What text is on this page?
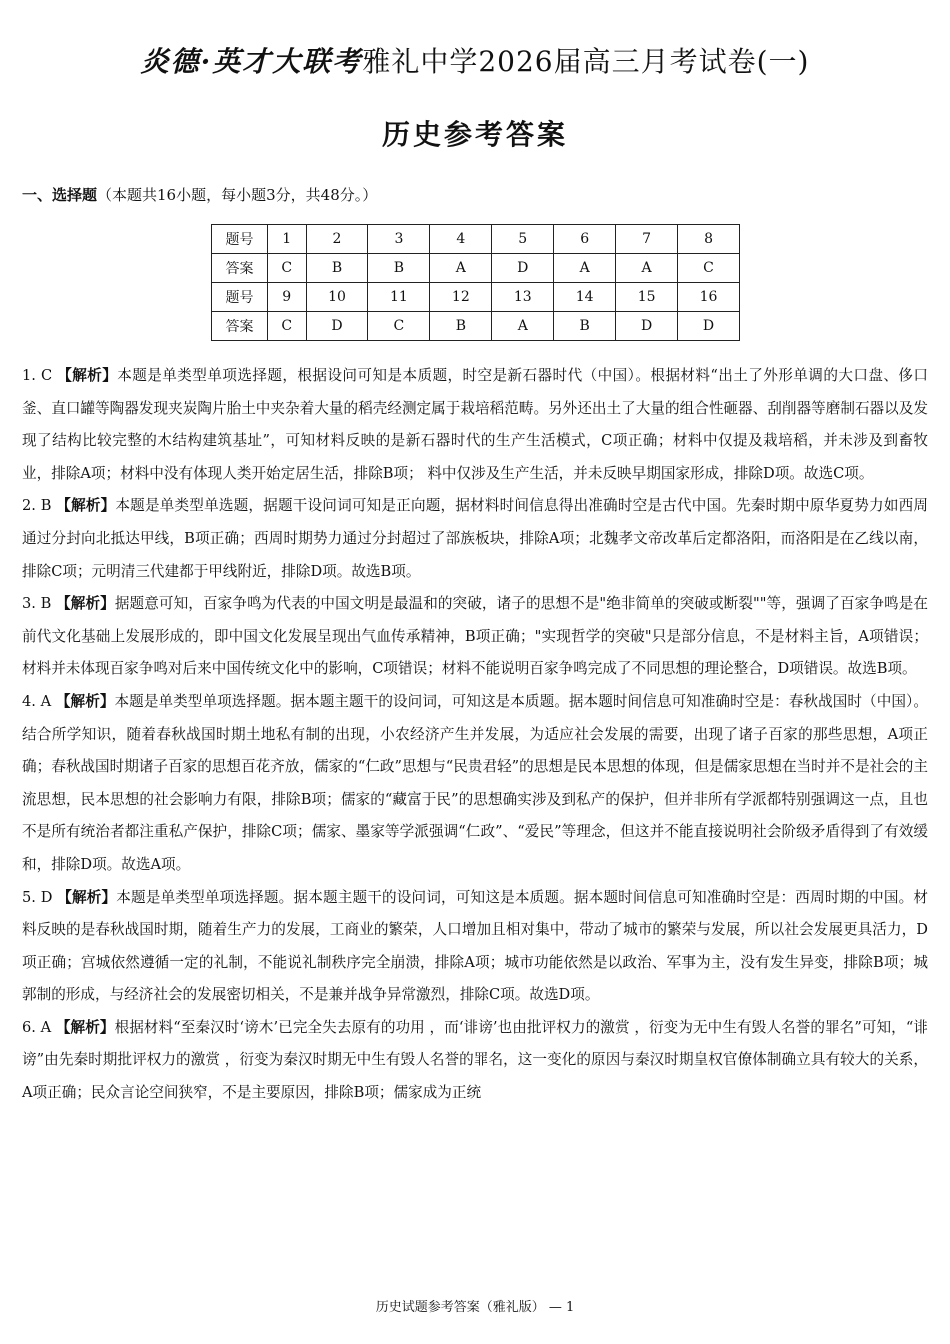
炎德·英才大联考雅礼中学2026届高三月考试卷(一)
历史参考答案
一、选择题（本题共16小题，每小题3分，共48分。）
题号	1	2	3	4	5	6	7	8
答案	C	B	B	A	D	A	A	C
题号	9	10	11	12	13	14	15	16
答案	C	D	C	B	A	B	D	D

1. C 【解析】本题是单类型单项选择题，根据设问可知是本质题，时空是新石器时代（中国）。根据材料“出土了外形单调的大口盘、侈口釜、直口罐等陶器发现夹炭陶片胎土中夹杂着大量的稻壳经测定属于栽培稻范畴。另外还出土了大量的组合性砸器、刮削器等磨制石器以及发现了结构比较完整的木结构建筑基址”，可知材料反映的是新石器时代的生产生活模式，C项正确；材料中仅提及栽培稻，并未涉及到畜牧业，排除A项；材料中没有体现人类开始定居生活，排除B项； 料中仅涉及生产生活，并未反映早期国家形成，排除D项。故选C项。

2. B 【解析】本题是单类型单选题，据题干设问词可知是正向题，据材料时间信息得出准确时空是古代中国。先秦时期中原华夏势力如西周通过分封向北抵达甲线，B项正确；西周时期势力通过分封超过了部族板块，排除A项；北魏孝文帝改革后定都洛阳，而洛阳是在乙线以南，排除C项；元明清三代建都于甲线附近，排除D项。故选B项。

3. B 【解析】据题意可知，百家争鸣为代表的中国文明是最温和的突破，诸子的思想不是"绝非简单的突破或断裂""等，强调了百家争鸣是在前代文化基础上发展形成的，即中国文化发展呈现出气血传承精神，B项正确；"实现哲学的突破"只是部分信息，不是材料主旨，A项错误；材料并未体现百家争鸣对后来中国传统文化中的影响，C项错误；材料不能说明百家争鸣完成了不同思想的理论整合，D项错误。故选B项。

4. A 【解析】本题是单类型单项选择题。据本题主题干的设问词，可知这是本质题。据本题时间信息可知准确时空是：春秋战国时（中国）。结合所学知识，随着春秋战国时期土地私有制的出现，小农经济产生并发展，为适应社会发展的需要，出现了诸子百家的那些思想，A项正确；春秋战国时期诸子百家的思想百花齐放，儒家的“仁政”思想与“民贵君轻”的思想是民本思想的体现，但是儒家思想在当时并不是社会的主流思想，民本思想的社会影响力有限，排除B项；儒家的“藏富于民”的思想确实涉及到私产的保护，但并非所有学派都特别强调这一点，且也不是所有统治者都注重私产保护，排除C项；儒家、墨家等学派强调“仁政”、“爱民”等理念，但这并不能直接说明社会阶级矛盾得到了有效缓和，排除D项。故选A项。

5. D 【解析】本题是单类型单项选择题。据本题主题干的设问词，可知这是本质题。据本题时间信息可知准确时空是：西周时期的中国。材料反映的是春秋战国时期，随着生产力的发展，工商业的繁荣，人口增加且相对集中，带动了城市的繁荣与发展，所以社会发展更具活力，D项正确；宫城依然遵循一定的礼制，不能说礼制秩序完全崩溃，排除A项；城市功能依然是以政治、军事为主，没有发生异变，排除B项；城郭制的形成，与经济社会的发展密切相关，不是兼并战争异常激烈，排除C项。故选D项。

6. A 【解析】根据材料“至秦汉时‘谤木’已完全失去原有的功用 ，而‘诽谤’也由批评权力的激赏 ，衍变为无中生有毁人名誉的罪名”可知，“诽谤”由先秦时期批评权力的激赏 ，衍变为秦汉时期无中生有毁人名誉的罪名，这一变化的原因与秦汉时期皇权官僚体制确立具有较大的关系，A项正确；民众言论空间狭窄，不是主要原因，排除B项；儒家成为正统

历史试题参考答案（雅礼版） — 1
